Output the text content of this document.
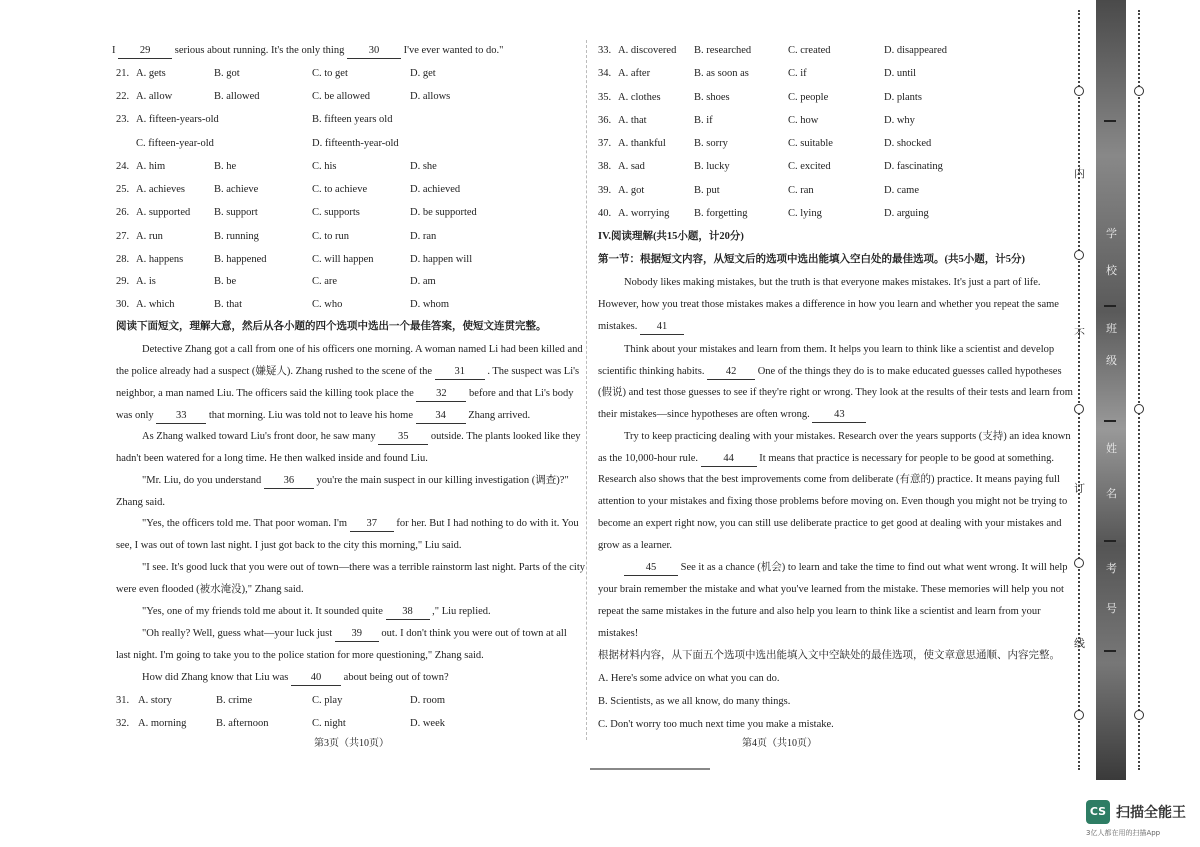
I 29 serious about running. It's the only thing 30 I've ever wanted to do."
21. A. gets	B. got	C. to get	D. get
22. A. allow	B. allowed	C. be allowed	D. allows
23. A. fifteen-years-old	B. fifteen years old
C. fifteen-year-old	D. fifteenth-year-old
24. A. him	B. he	C. his	D. she
25. A. achieves	B. achieve	C. to achieve	D. achieved
26. A. supported B. support	C. supports	D. be supported
27. A. run	B. running	C. to run	D. ran
28. A. happens	B. happened	C. will happen	D. happen will
29. A. is	B. be	C. are	D. am
30. A. which	B. that	C. who	D. whom
阅读下面短文，理解大意，然后从各小题的四个选项中选出一个最佳答案，使短文连贯完整。
Detective Zhang got a call from one of his officers one morning. A woman named Li had been killed and
the police already had a suspect (嫌疑人). Zhang rushed to the scene of the 31 . The suspect was Li's
neighbor, a man named Liu. The officers said the killing took place the 32 before and that Li's body
was only 33 that morning. Liu was told not to leave his home 34 Zhang arrived.
As Zhang walked toward Liu's front door, he saw many 35 outside. The plants looked like they
hadn't been watered for a long time. He then walked inside and found Liu.
"Mr. Liu, do you understand 36 you're the main suspect in our killing investigation (调查)?"
Zhang said.
"Yes, the officers told me. That poor woman. I'm 37 for her. But I had nothing to do with it. You
see, I was out of town last night. I just got back to the city this morning," Liu said.
"I see. It's good luck that you were out of town—there was a terrible rainstorm last night. Parts of the city
were even flooded (被水淹没)," Zhang said.
"Yes, one of my friends told me about it. It sounded quite 38 ," Liu replied.
"Oh really? Well, guess what—your luck just 39 out. I don't think you were out of town at all
last night. I'm going to take you to the police station for more questioning," Zhang said.
How did Zhang know that Liu was 40 about being out of town?
31. A. story	B. crime	C. play	D. room
32. A. morning	B. afternoon	C. night	D. week
第3页（共10页）
33. A. discovered B. researched	C. created	D. disappeared
34. A. after	B. as soon as	C. if	D. until
35. A. clothes	B. shoes	C. people	D. plants
36. A. that	B. if	C. how	D. why
37. A. thankful	B. sorry	C. suitable	D. shocked
38. A. sad	B. lucky	C. excited	D. fascinating
39. A. got	B. put	C. ran	D. came
40. A. worrying B. forgetting	C. lying	D. arguing
IV.阅读理解(共15小题，计20分)
第一节：根据短文内容，从短文后的选项中选出能填入空白处的最佳选项。(共5小题，计5分)
Nobody likes making mistakes, but the truth is that everyone makes mistakes. It's just a part of life.
However, how you treat those mistakes makes a difference in how you learn and whether you repeat the same
mistakes. 41
Think about your mistakes and learn from them. It helps you learn to think like a scientist and develop
scientific thinking habits. 42 One of the things they do is to make educated guesses called hypotheses
(假说) and test those guesses to see if they're right or wrong. They look at the results of their tests and learn from
their mistakes—since hypotheses are often wrong. 43
Try to keep practicing dealing with your mistakes. Research over the years supports (支持) an idea known
as the 10,000-hour rule. 44 It means that practice is necessary for people to be good at something.
Research also shows that the best improvements come from deliberate (有意的) practice. It means paying full
attention to your mistakes and fixing those problems before moving on. Even though you might not be trying to
become an expert right now, you can still use deliberate practice to get good at dealing with your mistakes and
grow as a learner.
45 See it as a chance (机会) to learn and take the time to find out what went wrong. It will help
your brain remember the mistake and what you've learned from the mistake. These memories will help you not
repeat the same mistakes in the future and also help you learn to think like a scientist and learn from your
mistakes!
根据材料内容，从下面五个选项中选出能填入文中空缺处的最佳选项，使文章意思通顺、内容完整。
A. Here's some advice on what you can do.
B. Scientists, as we all know, do many things.
C. Don't worry too much next time you make a mistake.
第4页（共10页）
内
不
订
线
学
校
班
级
姓
名
考
号
CS 扫描全能王
3亿人都在用的扫描App
